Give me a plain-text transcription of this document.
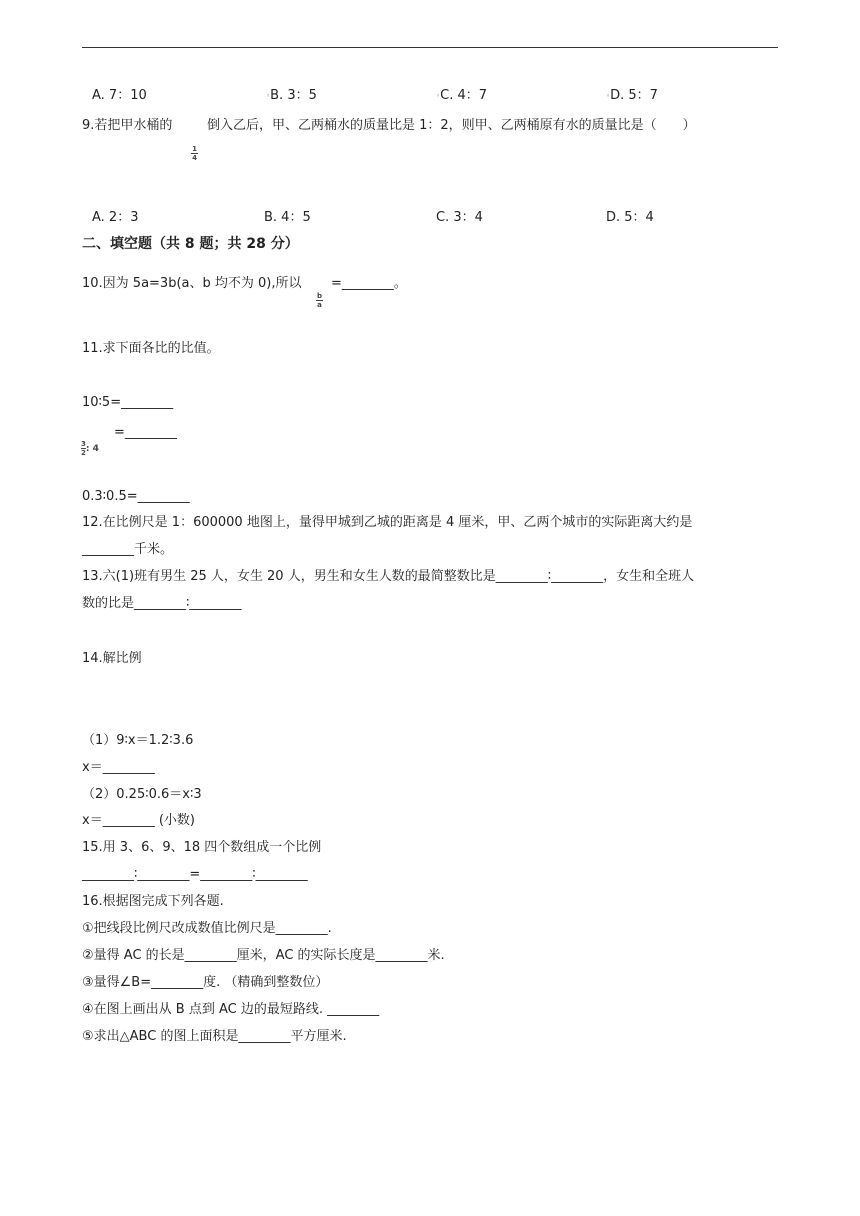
A. 7：10	◦B. 3：5	◦C. 4：7	◦D. 5：7
9.若把甲水桶的
1
4
倒入乙后，甲、乙两桶水的质量比是 1：2，则甲、乙两桶原有水的质量比是（　　）
A. 2：3	B. 4：5	C. 3：4	D. 5：4
二、填空题（共 8 题；共 28 分）
10.因为 5a=3b(a、b 均不为 0),所以
b
a
=________。
11.求下面各比的比值。
10∶5=________
=________
$\frac{3}{2}$: 4
0.3∶0.5=________
12.在比例尺是 1：600000 地图上，量得甲城到乙城的距离是 4 厘米，甲、乙两个城市的实际距离大约是
________千米。
13.六(1)班有男生 25 人，女生 20 人，男生和女生人数的最简整数比是________∶________，女生和全班人
数的比是________∶________
14.解比例
（1）9∶x＝1.2∶3.6
x＝________
（2）0.25∶0.6＝x∶3
x＝________ (小数)
15.用 3、6、9、18 四个数组成一个比例
________∶________=________∶________
16.根据图完成下列各题.
①把线段比例尺改成数值比例尺是________.
②量得 AC 的长是________厘米，AC 的实际长度是________米.
③量得∠B=________度. （精确到整数位）
④在图上画出从 B 点到 AC 边的最短路线. ________
⑤求出△ABC 的图上面积是________平方厘米.
